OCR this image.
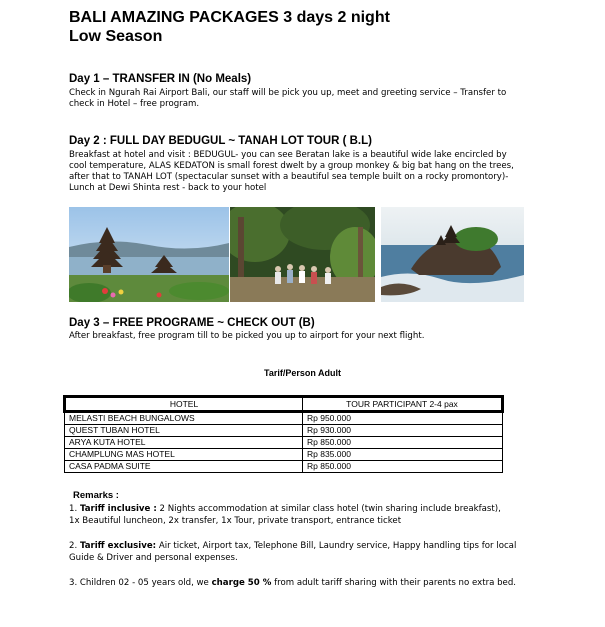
BALI AMAZING PACKAGES 3 days 2 night
Low Season
Day 1 – TRANSFER IN (No Meals)
Check in Ngurah Rai Airport Bali, our staff will be pick you up, meet and greeting service – Transfer to
check in Hotel – free program.
Day 2 : FULL DAY BEDUGUL ~ TANAH LOT TOUR ( B.L)
Breakfast at hotel and visit : BEDUGUL- you can see Beratan lake is a beautiful wide lake encircled by
cool temperature, ALAS KEDATON is small forest dwelt by a group monkey & big bat hang on the trees,
after that to TANAH LOT (spectacular sunset with a beautiful sea temple built on a rocky promontory)-
Lunch at Dewi Shinta rest - back to your hotel
Day 3 – FREE PROGRAME ~ CHECK OUT (B)
After breakfast, free program till to be picked you up to airport for your next flight.
Tarif/Person Adult
HOTEL	TOUR PARTICIPANT 2-4 pax
MELASTI BEACH BUNGALOWS	Rp 950.000
QUEST TUBAN HOTEL	Rp 930.000
ARYA KUTA HOTEL	Rp 850.000
CHAMPLUNG MAS HOTEL	Rp 835.000
CASA PADMA SUITE	Rp 850.000
Remarks :
1. Tariff inclusive : 2 Nights accommodation at similar class hotel (twin sharing include breakfast),
1x Beautiful luncheon, 2x transfer, 1x Tour, private transport, entrance ticket
2. Tariff exclusive: Air ticket, Airport tax, Telephone Bill, Laundry service, Happy handling tips for local
Guide & Driver and personal expenses.
3. Children 02 - 05 years old, we charge 50 % from adult tariff sharing with their parents no extra bed.
